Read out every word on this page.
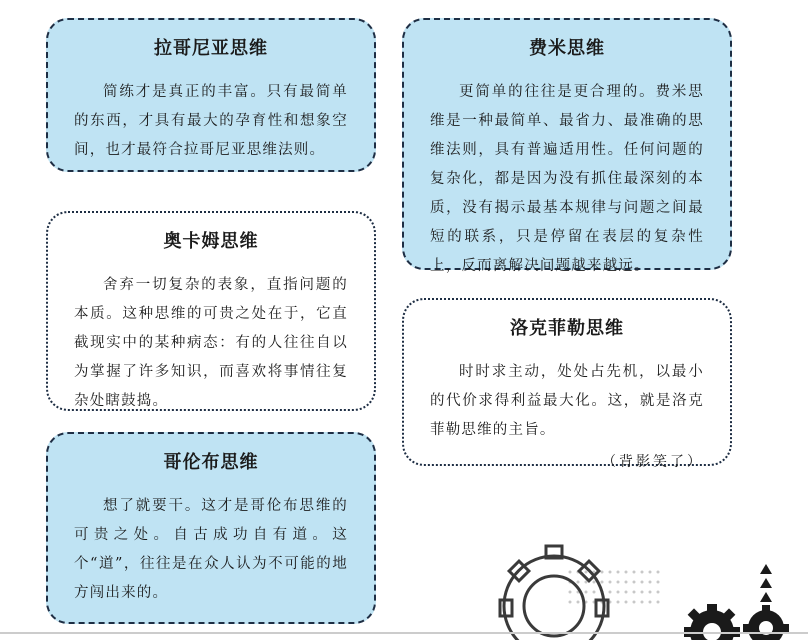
拉哥尼亚思维

简练才是真正的丰富。只有最简单的东西，才具有最大的孕育性和想象空间，也才最符合拉哥尼亚思维法则。

费米思维

更简单的往往是更合理的。费米思维是一种最简单、最省力、最准确的思维法则，具有普遍适用性。任何问题的复杂化，都是因为没有抓住最深刻的本质，没有揭示最基本规律与问题之间最短的联系，只是停留在表层的复杂性上，反而离解决问题越来越远。

奥卡姆思维

舍弃一切复杂的表象，直指问题的本质。这种思维的可贵之处在于，它直截现实中的某种病态：有的人往往自以为掌握了许多知识，而喜欢将事情往复杂处瞎鼓捣。

洛克菲勒思维

时时求主动，处处占先机，以最小的代价求得利益最大化。这，就是洛克菲勒思维的主旨。

（背影笑了）
哥伦布思维

想了就要干。这才是哥伦布思维的可贵之处。自古成功自有道。这个“道”，往往是在众人认为不可能的地方闯出来的。
